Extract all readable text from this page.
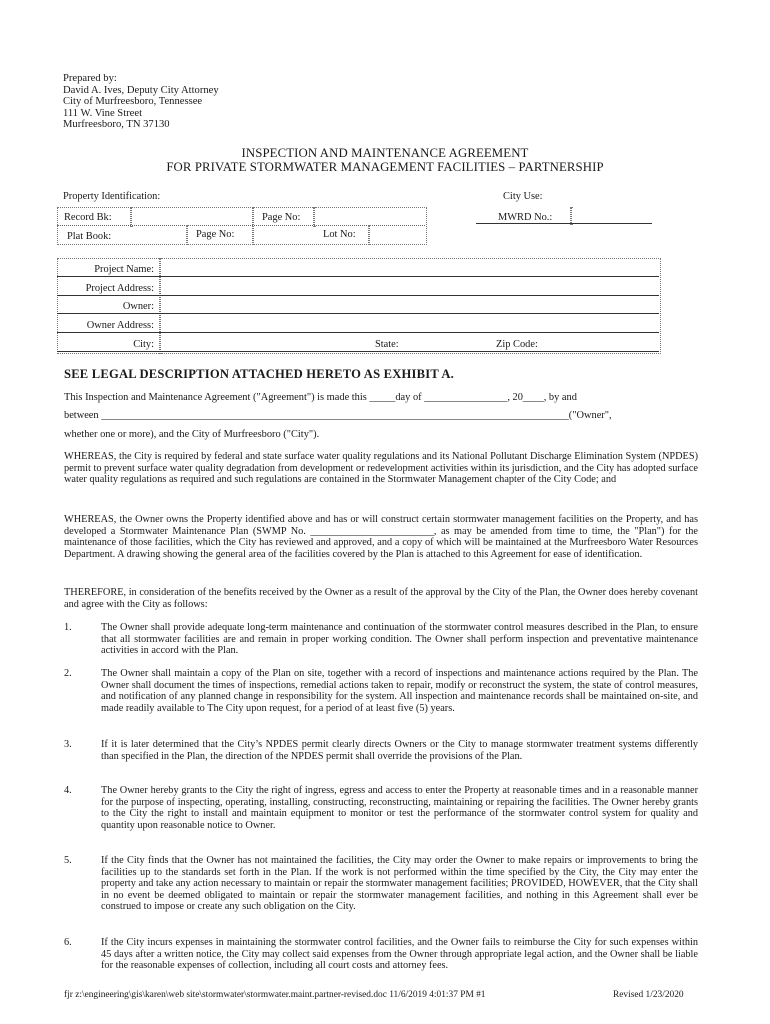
Prepared by:
David A. Ives, Deputy City Attorney
City of Murfreesboro, Tennessee
111 W. Vine Street
Murfreesboro, TN 37130
INSPECTION AND MAINTENANCE AGREEMENT
FOR PRIVATE STORMWATER MANAGEMENT FACILITIES – PARTNERSHIP
Property Identification:	City Use:
Record Bk:	Page No:
Plat Book:	Page No:	Lot No:
MWRD No.:
Project Name:
Project Address:
Owner:
Owner Address:
City:	State:	Zip Code:
SEE LEGAL DESCRIPTION ATTACHED HERETO AS EXHIBIT A.
This Inspection and Maintenance Agreement ("Agreement") is made this _____day of ________________, 20____, by and
between __________________________________________________________________________________________("Owner",
whether one or more), and the City of Murfreesboro ("City").
WHEREAS, the City is required by federal and state surface water quality regulations and its National Pollutant Discharge Elimination System (NPDES) permit to prevent surface water quality degradation from development or redevelopment activities within its jurisdiction, and the City has adopted surface water quality regulations as required and such regulations are contained in the Stormwater Management chapter of the City Code; and
WHEREAS, the Owner owns the Property identified above and has or will construct certain stormwater management facilities on the Property, and has developed a Stormwater Maintenance Plan (SWMP No. ________________________, as may be amended from time to time, the "Plan") for the maintenance of those facilities, which the City has reviewed and approved, and a copy of which will be maintained at the Murfreesboro Water Resources Department. A drawing showing the general area of the facilities covered by the Plan is attached to this Agreement for ease of identification.
THEREFORE, in consideration of the benefits received by the Owner as a result of the approval by the City of the Plan, the Owner does hereby covenant and agree with the City as follows:
1.	The Owner shall provide adequate long-term maintenance and continuation of the stormwater control measures described in the Plan, to ensure that all stormwater facilities are and remain in proper working condition. The Owner shall perform inspection and preventative maintenance activities in accord with the Plan.
2.	The Owner shall maintain a copy of the Plan on site, together with a record of inspections and maintenance actions required by the Plan. The Owner shall document the times of inspections, remedial actions taken to repair, modify or reconstruct the system, the state of control measures, and notification of any planned change in responsibility for the system. All inspection and maintenance records shall be maintained on-site, and made readily available to The City upon request, for a period of at least five (5) years.
3.	If it is later determined that the City’s NPDES permit clearly directs Owners or the City to manage stormwater treatment systems differently than specified in the Plan, the direction of the NPDES permit shall override the provisions of the Plan.
4.	The Owner hereby grants to the City the right of ingress, egress and access to enter the Property at reasonable times and in a reasonable manner for the purpose of inspecting, operating, installing, constructing, reconstructing, maintaining or repairing the facilities. The Owner hereby grants to the City the right to install and maintain equipment to monitor or test the performance of the stormwater control system for quality and quantity upon reasonable notice to Owner.
5.	If the City finds that the Owner has not maintained the facilities, the City may order the Owner to make repairs or improvements to bring the facilities up to the standards set forth in the Plan. If the work is not performed within the time specified by the City, the City may enter the property and take any action necessary to maintain or repair the stormwater management facilities; PROVIDED, HOWEVER, that the City shall in no event be deemed obligated to maintain or repair the stormwater management facilities, and nothing in this Agreement shall ever be construed to impose or create any such obligation on the City.
6.	If the City incurs expenses in maintaining the stormwater control facilities, and the Owner fails to reimburse the City for such expenses within 45 days after a written notice, the City may collect said expenses from the Owner through appropriate legal action, and the Owner shall be liable for the reasonable expenses of collection, including all court costs and attorney fees.
fjr z:\engineering\gis\karen\web site\stormwater\stormwater.maint.partner-revised.doc 11/6/2019 4:01:37 PM #1	Revised 1/23/2020
